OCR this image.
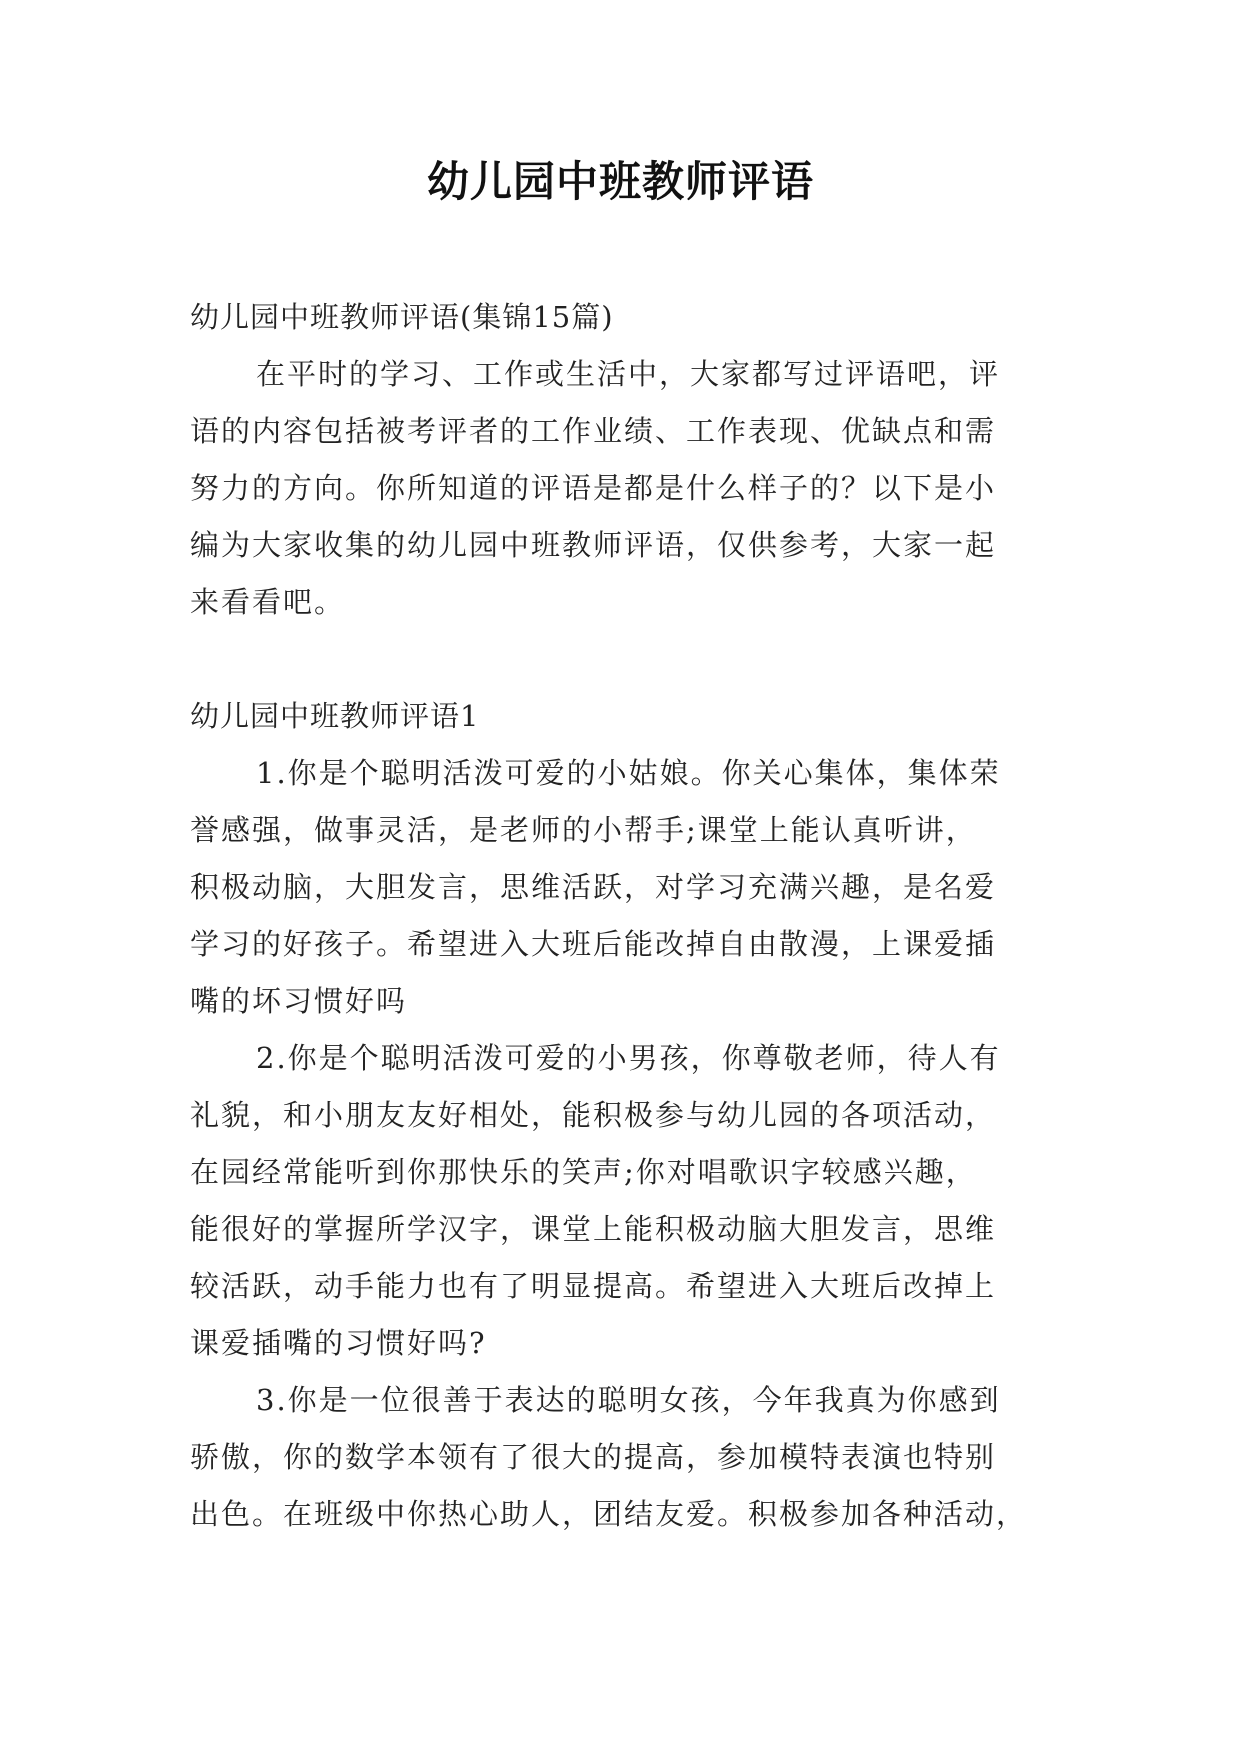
幼儿园中班教师评语
幼儿园中班教师评语(集锦15篇)
在平时的学习、工作或生活中，大家都写过评语吧，评
语的内容包括被考评者的工作业绩、工作表现、优缺点和需
努力的方向。你所知道的评语是都是什么样子的？以下是小
编为大家收集的幼儿园中班教师评语，仅供参考，大家一起
来看看吧。
幼儿园中班教师评语1
1.你是个聪明活泼可爱的小姑娘。你关心集体，集体荣
誉感强，做事灵活，是老师的小帮手;课堂上能认真听讲，
积极动脑，大胆发言，思维活跃，对学习充满兴趣，是名爱
学习的好孩子。希望进入大班后能改掉自由散漫，上课爱插
嘴的坏习惯好吗
2.你是个聪明活泼可爱的小男孩，你尊敬老师，待人有
礼貌，和小朋友友好相处，能积极参与幼儿园的各项活动，
在园经常能听到你那快乐的笑声;你对唱歌识字较感兴趣，
能很好的掌握所学汉字，课堂上能积极动脑大胆发言，思维
较活跃，动手能力也有了明显提高。希望进入大班后改掉上
课爱插嘴的习惯好吗?
3.你是一位很善于表达的聪明女孩，今年我真为你感到
骄傲，你的数学本领有了很大的提高，参加模特表演也特别
出色。在班级中你热心助人，团结友爱。积极参加各种活动，
